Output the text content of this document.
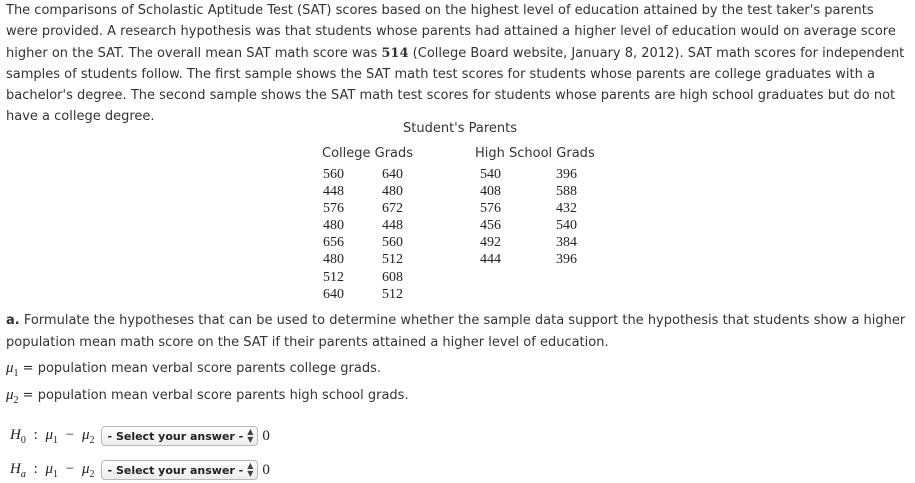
The comparisons of Scholastic Aptitude Test (SAT) scores based on the highest level of education attained by the test taker's parents were provided. A research hypothesis was that students whose parents had attained a higher level of education would on average score higher on the SAT. The overall mean SAT math score was 514 (College Board website, January 8, 2012). SAT math scores for independent samples of students follow. The first sample shows the SAT math test scores for students whose parents are college graduates with a bachelor's degree. The second sample shows the SAT math test scores for students whose parents are high school graduates but do not have a college degree.

Student's Parents
College Grads	High School Grads
560
448
576
480
656
480
512
640
640
480
672
448
560
512
608
512
540
408
576
456
492
444
396
588
432
540
384
396

a. Formulate the hypotheses that can be used to determine whether the sample data support the hypothesis that students show a higher population mean math score on the SAT if their parents attained a higher level of education.

$\mu_1$ = population mean verbal score parents college grads.
$\mu_2$ = population mean verbal score parents high school grads.
$H_0$ : $\mu_1 - \mu_2$ - Select your answer - ▲
▼ 0
$H_a$ : $\mu_1 - \mu_2$ - Select your answer - ▲
▼ 0
